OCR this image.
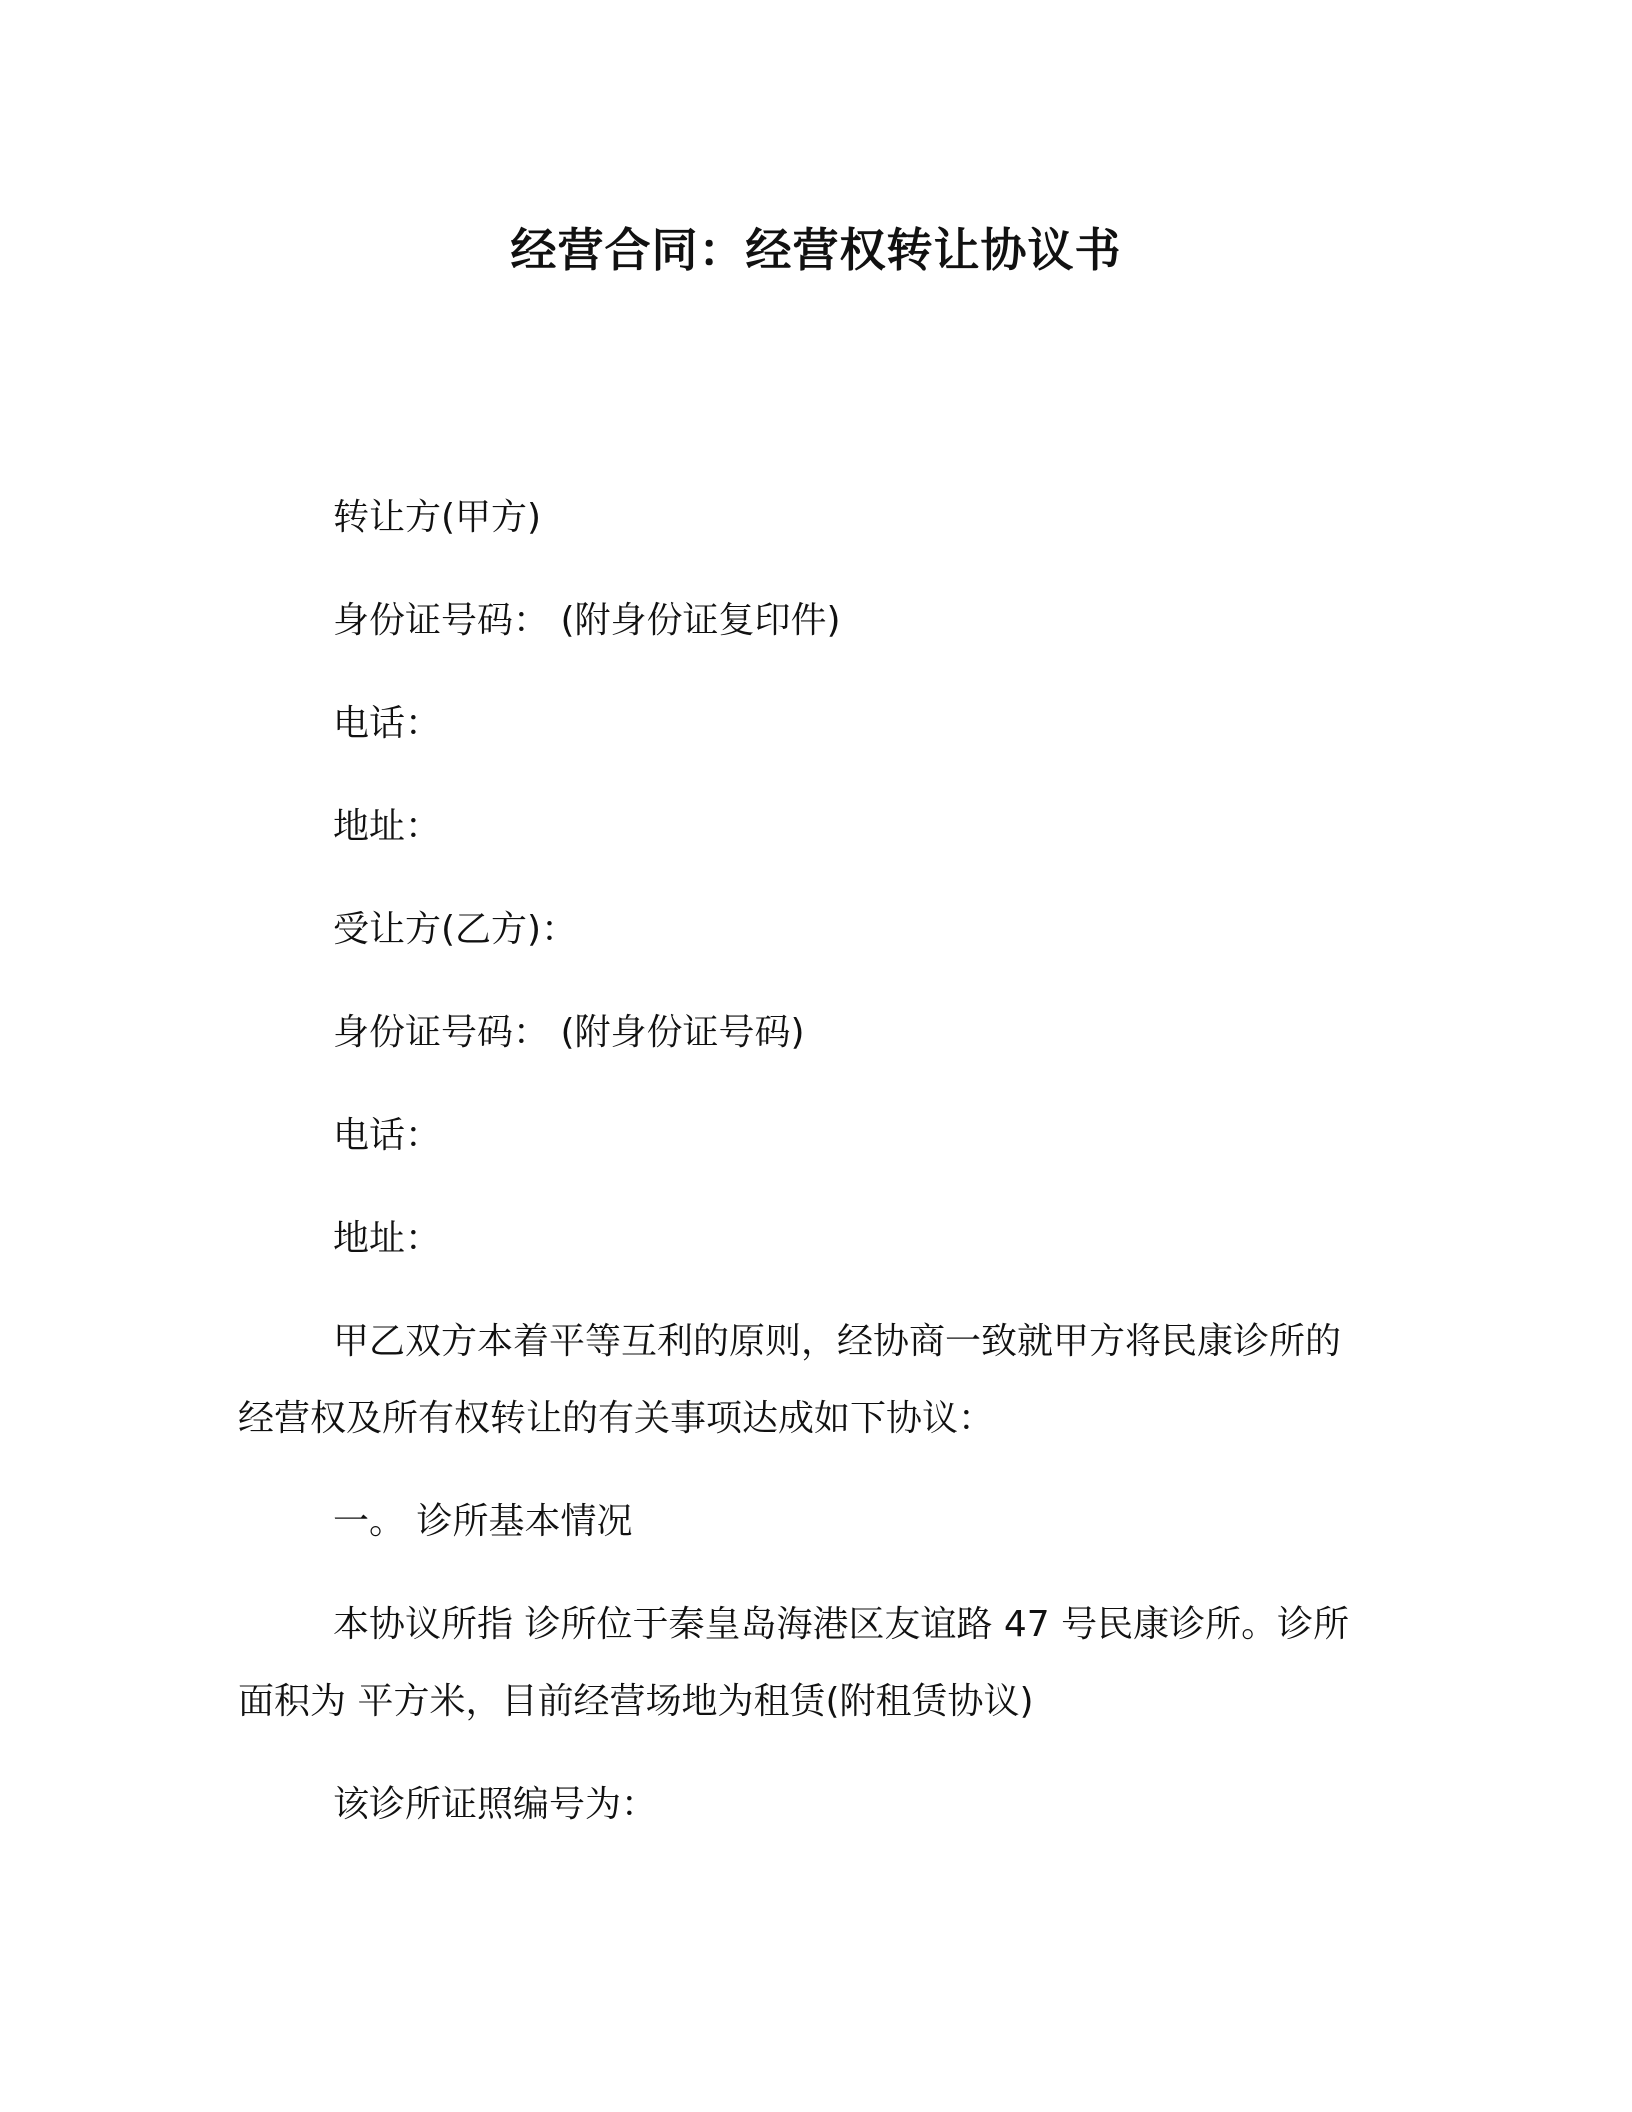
经营合同：经营权转让协议书
转让方(甲方)
身份证号码： (附身份证复印件)
电话：
地址：
受让方(乙方)：
身份证号码： (附身份证号码)
电话：
地址：
甲乙双方本着平等互利的原则，经协商一致就甲方将民康诊所的
经营权及所有权转让的有关事项达成如下协议：
一。 诊所基本情况
本协议所指 诊所位于秦皇岛海港区友谊路 47 号民康诊所。诊所
面积为 平方米，目前经营场地为租赁(附租赁协议)
该诊所证照编号为：
